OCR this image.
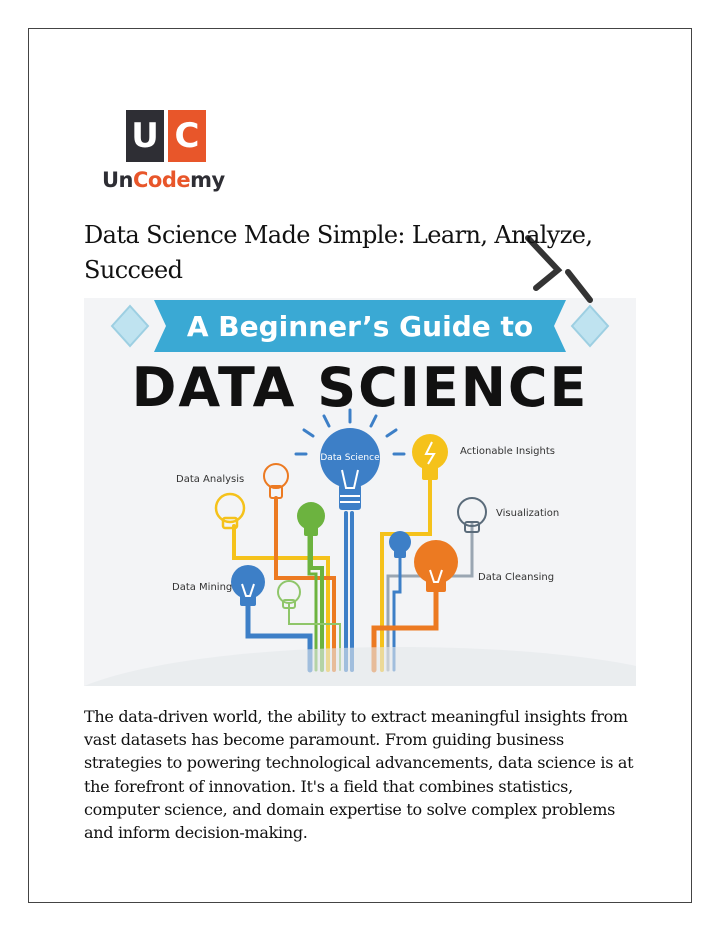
U C
UnCodemy
Data Science Made Simple: Learn, Analyze, Succeed
A Beginner’s Guide to
DATA SCIENCE
Data Science
Actionable Insights
Data Analysis
Visualization
Data Cleansing
Data Mining

The data-driven world, the ability to extract meaningful insights from vast datasets has become paramount. From guiding business strategies to powering technological advancements, data science is at the forefront of innovation. It's a field that combines statistics, computer science, and domain expertise to solve complex problems and inform decision-making.
